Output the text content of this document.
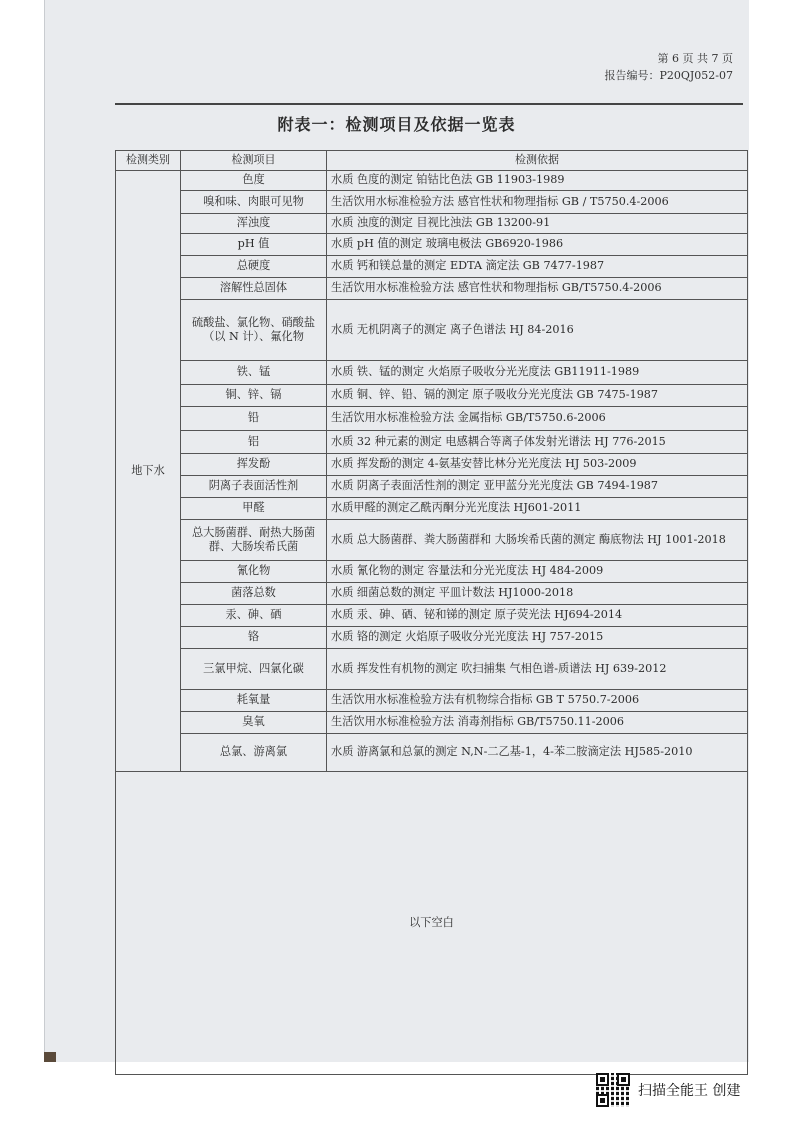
第 6 页 共 7 页
报告编号：P20QJ052-07
附表一：检测项目及依据一览表
检测类别	检测项目	检测依据
地下水	色度	水质 色度的测定 铂钴比色法 GB 11903-1989
	嗅和味、肉眼可见物	生活饮用水标准检验方法 感官性状和物理指标 GB / T5750.4-2006
	浑浊度	水质 浊度的测定 目视比浊法 GB 13200-91
	pH 值	水质 pH 值的测定 玻璃电极法 GB6920-1986
	总硬度	水质 钙和镁总量的测定 EDTA 滴定法 GB 7477-1987
	溶解性总固体	生活饮用水标准检验方法 感官性状和物理指标 GB/T5750.4-2006
	硫酸盐、氯化物、硝酸盐（以 N 计）、氟化物	水质 无机阴离子的测定 离子色谱法 HJ 84-2016
	铁、锰	水质 铁、锰的测定 火焰原子吸收分光光度法 GB11911-1989
	铜、锌、镉	水质 铜、锌、铅、镉的测定 原子吸收分光光度法 GB 7475-1987
	铅	生活饮用水标准检验方法 金属指标 GB/T5750.6-2006
	铝	水质 32 种元素的测定 电感耦合等离子体发射光谱法 HJ 776-2015
	挥发酚	水质 挥发酚的测定 4-氨基安替比林分光光度法 HJ 503-2009
	阴离子表面活性剂	水质 阴离子表面活性剂的测定 亚甲蓝分光光度法 GB 7494-1987
	甲醛	水质甲醛的测定乙酰丙酮分光光度法 HJ601-2011
	总大肠菌群、耐热大肠菌群、大肠埃希氏菌	水质 总大肠菌群、粪大肠菌群和 大肠埃希氏菌的测定 酶底物法 HJ 1001-2018
	氰化物	水质 氰化物的测定 容量法和分光光度法 HJ 484-2009
	菌落总数	水质 细菌总数的测定 平皿计数法 HJ1000-2018
	汞、砷、硒	水质 汞、砷、硒、铋和锑的测定 原子荧光法 HJ694-2014
	铬	水质 铬的测定 火焰原子吸收分光光度法 HJ 757-2015
	三氯甲烷、四氯化碳	水质 挥发性有机物的测定 吹扫捕集 气相色谱-质谱法 HJ 639-2012
	耗氧量	生活饮用水标准检验方法有机物综合指标 GB T 5750.7-2006
	臭氧	生活饮用水标准检验方法 消毒剂指标 GB/T5750.11-2006
	总氯、游离氯	水质 游离氯和总氯的测定 N,N-二乙基-1，4-苯二胺滴定法 HJ585-2010
以下空白		
扫描全能王 创建
